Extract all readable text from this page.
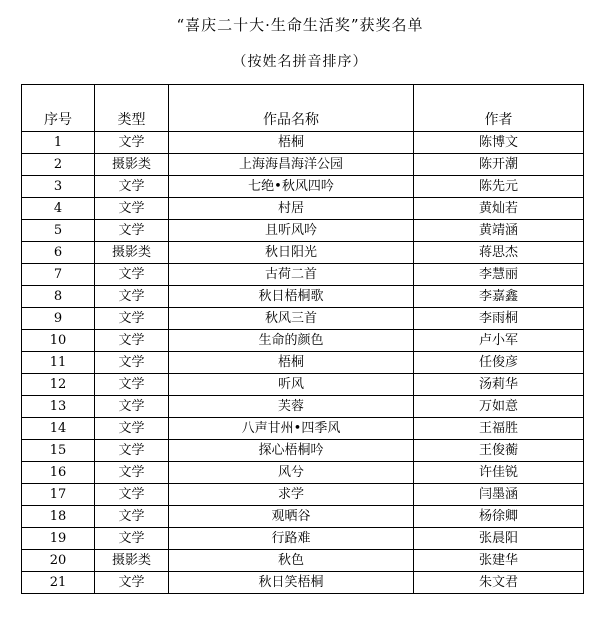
“喜庆二十大·生命生活奖”获奖名单
（按姓名拼音排序）
序号	类型	作品名称	作者
1	文学	梧桐	陈博文
2	摄影类	上海海昌海洋公园	陈开潮
3	文学	七绝•秋风四吟	陈先元
4	文学	村居	黄灿若
5	文学	且听风吟	黄靖涵
6	摄影类	秋日阳光	蒋思杰
7	文学	古荷二首	李慧丽
8	文学	秋日梧桐歌	李嘉鑫
9	文学	秋风三首	李雨桐
10	文学	生命的颜色	卢小军
11	文学	梧桐	任俊彦
12	文学	听风	汤莉华
13	文学	芙蓉	万如意
14	文学	八声甘州•四季风	王福胜
15	文学	探心梧桐吟	王俊蘅
16	文学	风兮	许佳锐
17	文学	求学	闫墨涵
18	文学	观晒谷	杨徐卿
19	文学	行路难	张晨阳
20	摄影类	秋色	张建华
21	文学	秋日笑梧桐	朱文君
